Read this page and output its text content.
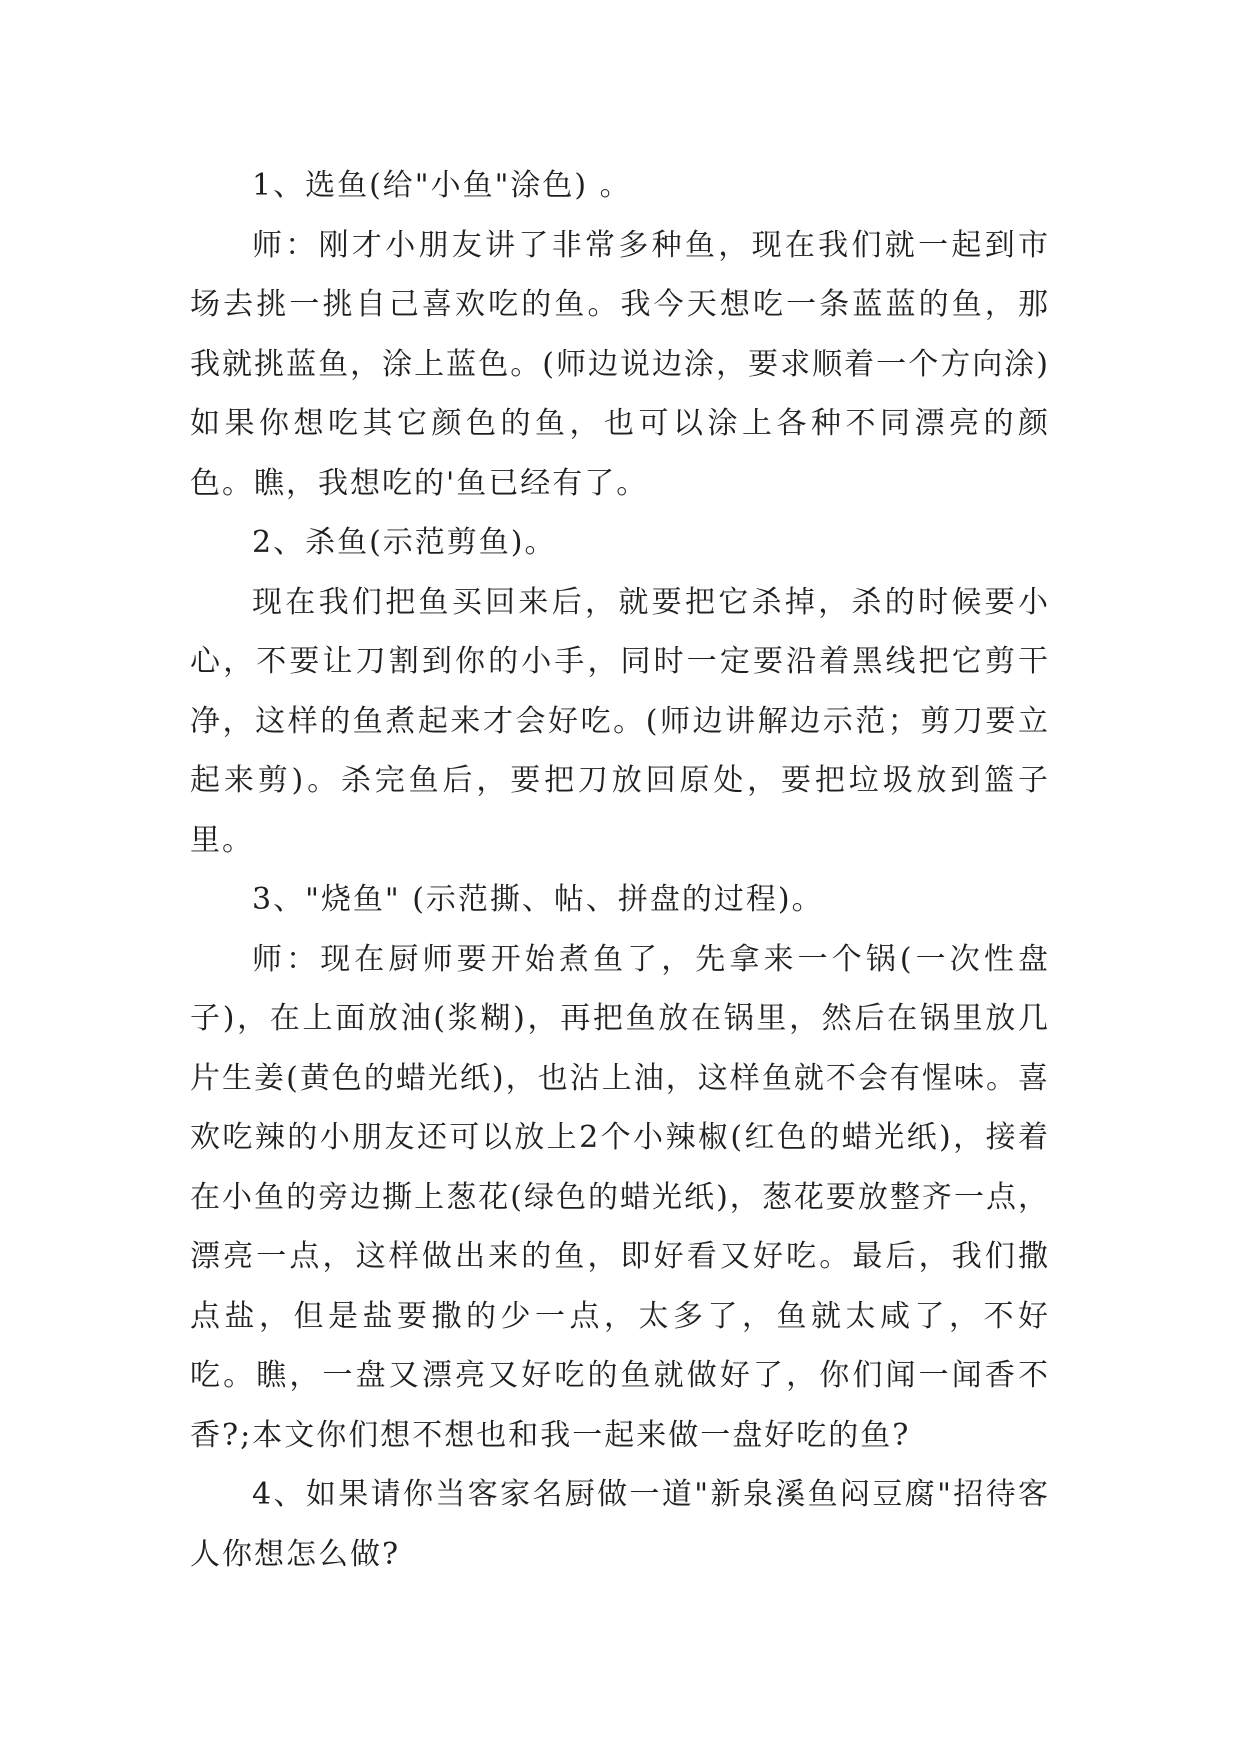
1、选鱼(给"小鱼"涂色) 。

师：刚才小朋友讲了非常多种鱼，现在我们就一起到市场去挑一挑自己喜欢吃的鱼。我今天想吃一条蓝蓝的鱼，那我就挑蓝鱼，涂上蓝色。(师边说边涂，要求顺着一个方向涂)如果你想吃其它颜色的鱼，也可以涂上各种不同漂亮的颜色。瞧，我想吃的'鱼已经有了。

2、杀鱼(示范剪鱼)。

现在我们把鱼买回来后，就要把它杀掉，杀的时候要小心，不要让刀割到你的小手，同时一定要沿着黑线把它剪干净，这样的鱼煮起来才会好吃。(师边讲解边示范；剪刀要立起来剪)。杀完鱼后，要把刀放回原处，要把垃圾放到篮子里。

3、"烧鱼" (示范撕、帖、拼盘的过程)。

师：现在厨师要开始煮鱼了，先拿来一个锅(一次性盘子)，在上面放油(浆糊)，再把鱼放在锅里，然后在锅里放几片生姜(黄色的蜡光纸)，也沾上油，这样鱼就不会有惺味。喜欢吃辣的小朋友还可以放上2个小辣椒(红色的蜡光纸)，接着在小鱼的旁边撕上葱花(绿色的蜡光纸)，葱花要放整齐一点，漂亮一点，这样做出来的鱼，即好看又好吃。最后，我们撒点盐，但是盐要撒的少一点，太多了，鱼就太咸了，不好吃。瞧，一盘又漂亮又好吃的鱼就做好了，你们闻一闻香不香?;本文你们想不想也和我一起来做一盘好吃的鱼?

4、如果请你当客家名厨做一道"新泉溪鱼闷豆腐"招待客人你想怎么做?
